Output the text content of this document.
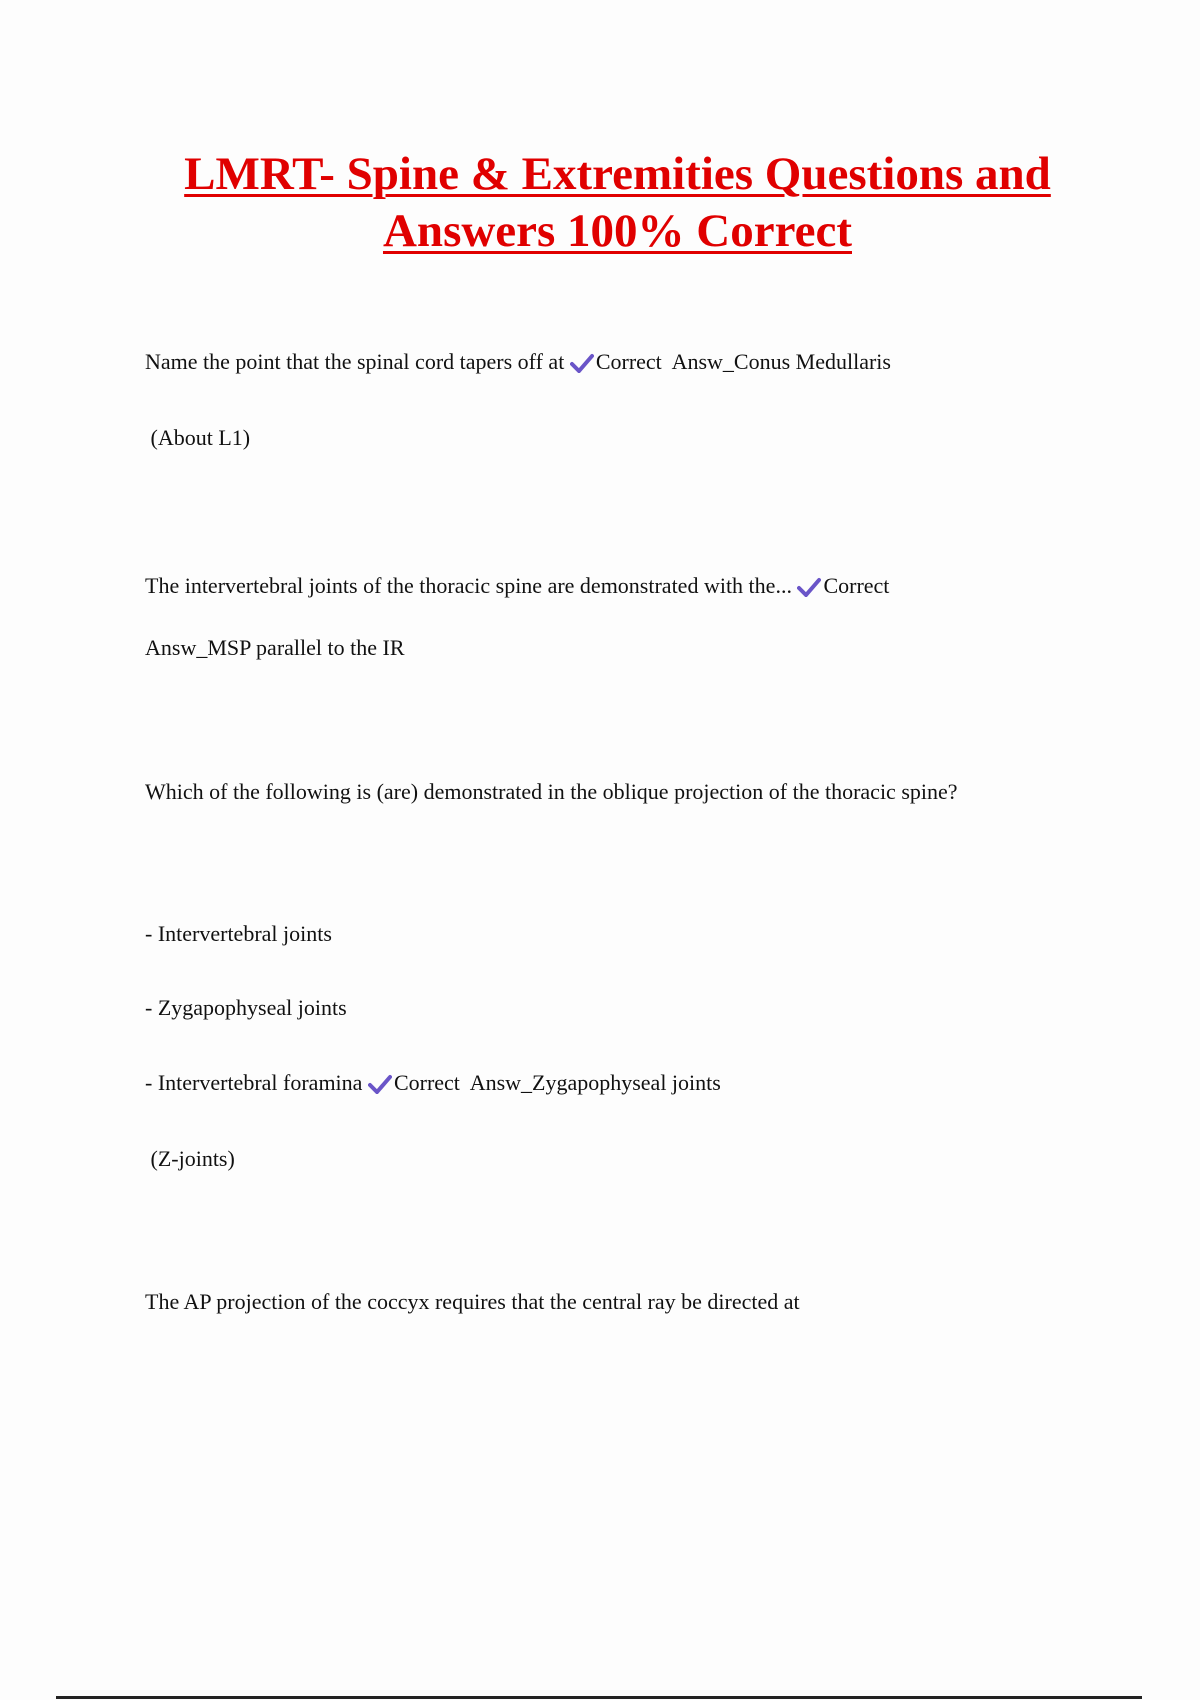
LMRT- Spine & Extremities Questions and
Answers 100% Correct
Name the point that the spinal cord tapers off at Correct  Answ_Conus Medullaris
(About L1)
The intervertebral joints of the thoracic spine are demonstrated with the... Correct
Answ_MSP parallel to the IR
Which of the following is (are) demonstrated in the oblique projection of the thoracic spine?
- Intervertebral joints
- Zygapophyseal joints
- Intervertebral foramina Correct  Answ_Zygapophyseal joints
(Z-joints)
The AP projection of the coccyx requires that the central ray be directed at
